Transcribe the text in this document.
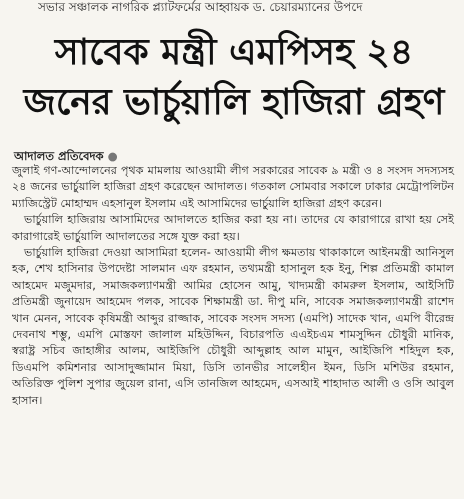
সভার সঞ্চালক নাগরিক প্ল্যাটফর্মের আহ্বায়ক ড. চেয়ারম্যানের উপদে
সাবেক মন্ত্রী এমপিসহ ২৪
জনের ভার্চুয়ালি হাজিরা গ্রহণ
আদালত প্রতিবেদক ●

জুলাই গণ-আন্দোলনের পৃথক মামলায় আওয়ামী লীগ সরকারের সাবেক ৯ মন্ত্রী ও ৪ সংসদ সদস্যসহ ২৪ জনের ভার্চুয়ালি হাজিরা গ্রহণ করেছেন আদালত। গতকাল সোমবার সকালে ঢাকার মেট্রোপলিটন ম্যাজিস্ট্রেট মোহাম্মদ এহসানুল ইসলাম এই আসামিদের ভার্চুয়ালি হাজিরা গ্রহণ করেন।

ভার্চুয়ালি হাজিরায় আসামিদের আদালতে হাজির করা হয় না। তাদের যে কারাগারে রাখা হয় সেই কারাগারেই ভার্চুয়ালি আদালতের সঙ্গে যুক্ত করা হয়।

ভার্চুয়ালি হাজিরা দেওয়া আসামিরা হলেন- আওয়ামী লীগ ক্ষমতায় থাকাকালে আইনমন্ত্রী আনিসুল হক, শেখ হাসিনার উপদেষ্টা সালমান এফ রহমান, তথ্যমন্ত্রী হাসানুল হক ইনু, শিল্প প্রতিমন্ত্রী কামাল আহমেদ মজুমদার, সমাজকল্যাণমন্ত্রী আমির হোসেন আমু, খাদ্যমন্ত্রী কামরুল ইসলাম, আইসিটি প্রতিমন্ত্রী জুনায়েদ আহমেদ পলক, সাবেক শিক্ষামন্ত্রী ডা. দীপু মনি, সাবেক সমাজকল্যাণমন্ত্রী রাশেদ খান মেনন, সাবেক কৃষিমন্ত্রী আব্দুর রাজ্জাক, সাবেক সংসদ সদস্য (এমপি) সাদেক খান, এমপি বীরেন্দ্র দেবনাথ শম্ভু, এমপি মোস্তফা জালাল মহিউদ্দিন, বিচারপতি এএইচএম শামসুদ্দিন চৌধুরী মানিক, স্বরাষ্ট্র সচিব জাহাঙ্গীর আলম, আইজিপি চৌধুরী আব্দুল্লাহ আল মামুন, আইজিপি শহিদুল হক, ডিএমপি কমিশনার আসাদুজ্জামান মিয়া, ডিসি তানভীর সালেহীন ইমন, ডিসি মশিউর রহমান, অতিরিক্ত পুলিশ সুপার জুয়েল রানা, এসি তানজিল আহমেদ, এসআই শাহাদাত আলী ও ওসি আবুল হাসান।
